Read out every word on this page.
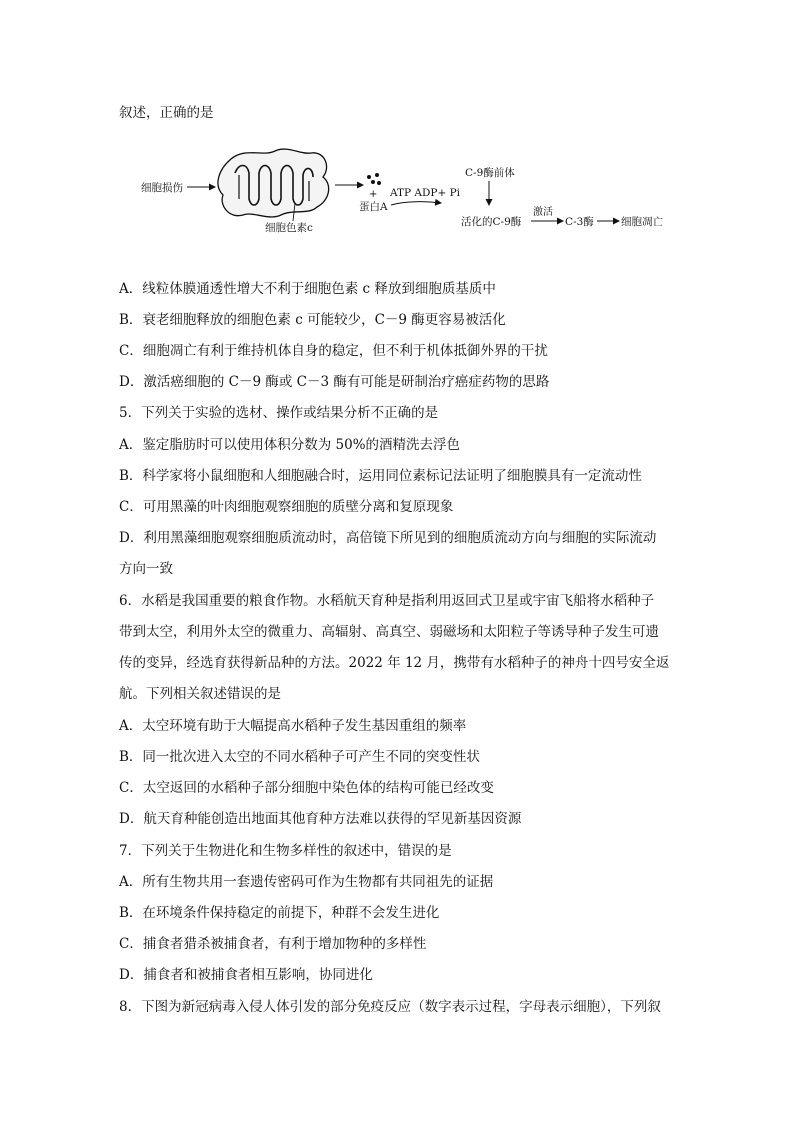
叙述，正确的是
细胞损伤
细胞色素c
+
蛋白A
ATP ADP+ Pi
C-9酶前体
活化的C-9酶
激活
C-3酶	细胞凋亡
A．线粒体膜通透性增大不利于细胞色素 c 释放到细胞质基质中
B．衰老细胞释放的细胞色素 c 可能较少，C－9 酶更容易被活化
C．细胞凋亡有利于维持机体自身的稳定，但不利于机体抵御外界的干扰
D．激活癌细胞的 C－9 酶或 C－3 酶有可能是研制治疗癌症药物的思路
5．下列关于实验的选材、操作或结果分析不正确的是
A．鉴定脂肪时可以使用体积分数为 50%的酒精洗去浮色
B．科学家将小鼠细胞和人细胞融合时，运用同位素标记法证明了细胞膜具有一定流动性
C．可用黑藻的叶肉细胞观察细胞的质壁分离和复原现象
D．利用黑藻细胞观察细胞质流动时，高倍镜下所见到的细胞质流动方向与细胞的实际流动
方向一致
6．水稻是我国重要的粮食作物。水稻航天育种是指利用返回式卫星或宇宙飞船将水稻种子
带到太空，利用外太空的微重力、高辐射、高真空、弱磁场和太阳粒子等诱导种子发生可遗
传的变异，经选育获得新品种的方法。2022 年 12 月，携带有水稻种子的神舟十四号安全返
航。下列相关叙述错误的是
A．太空环境有助于大幅提高水稻种子发生基因重组的频率
B．同一批次进入太空的不同水稻种子可产生不同的突变性状
C．太空返回的水稻种子部分细胞中染色体的结构可能已经改变
D．航天育种能创造出地面其他育种方法难以获得的罕见新基因资源
7．下列关于生物进化和生物多样性的叙述中，错误的是
A．所有生物共用一套遗传密码可作为生物都有共同祖先的证据
B．在环境条件保持稳定的前提下，种群不会发生进化
C．捕食者猎杀被捕食者，有利于增加物种的多样性
D．捕食者和被捕食者相互影响，协同进化
8．下图为新冠病毒入侵人体引发的部分免疫反应（数字表示过程，字母表示细胞），下列叙
